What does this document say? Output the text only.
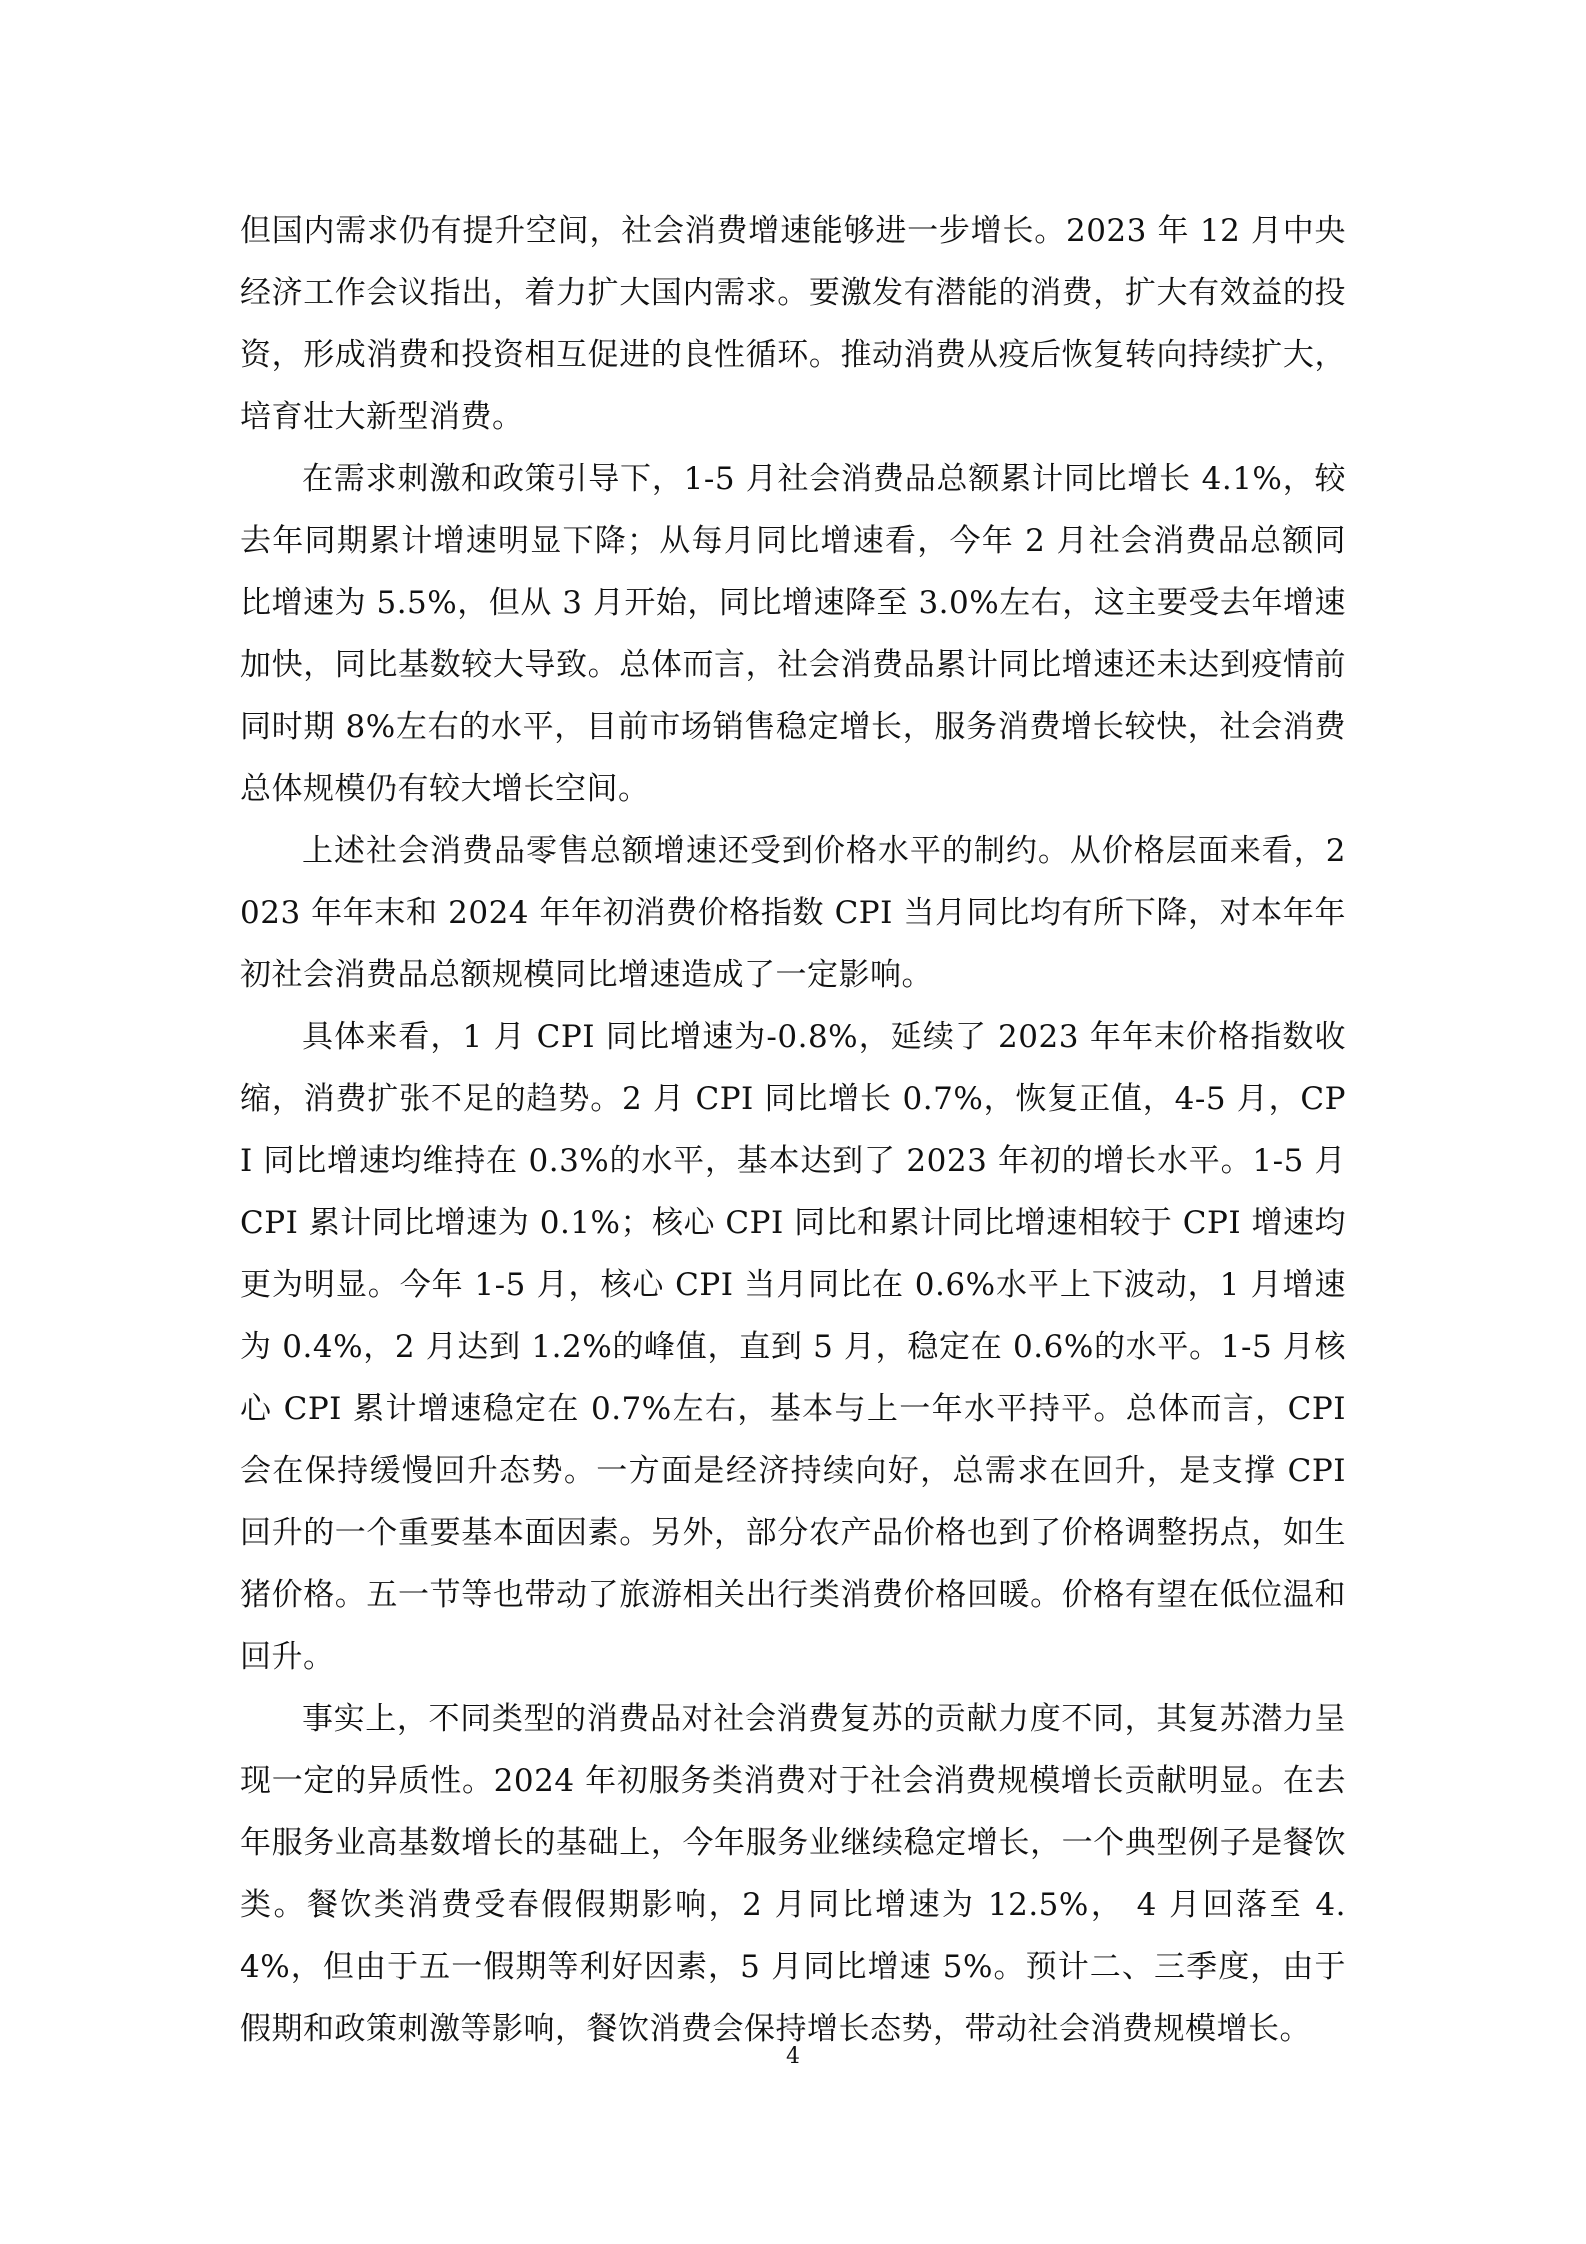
但国内需求仍有提升空间，社会消费增速能够进一步增长。2023 年 12 月中央经济工作会议指出，着力扩大国内需求。要激发有潜能的消费，扩大有效益的投资，形成消费和投资相互促进的良性循环。推动消费从疫后恢复转向持续扩大，培育壮大新型消费。

在需求刺激和政策引导下，1-5 月社会消费品总额累计同比增长 4.1%，较去年同期累计增速明显下降；从每月同比增速看，今年 2 月社会消费品总额同比增速为 5.5%，但从 3 月开始，同比增速降至 3.0%左右，这主要受去年增速加快，同比基数较大导致。总体而言，社会消费品累计同比增速还未达到疫情前同时期 8%左右的水平，目前市场销售稳定增长，服务消费增长较快，社会消费总体规模仍有较大增长空间。

上述社会消费品零售总额增速还受到价格水平的制约。从价格层面来看，2023 年年末和 2024 年年初消费价格指数 CPI 当月同比均有所下降，对本年年初社会消费品总额规模同比增速造成了一定影响。

具体来看，1 月 CPI 同比增速为-0.8%，延续了 2023 年年末价格指数收缩，消费扩张不足的趋势。2 月 CPI 同比增长 0.7%，恢复正值，4-5 月，CPI 同比增速均维持在 0.3%的水平，基本达到了 2023 年初的增长水平。1-5 月 CPI 累计同比增速为 0.1%；核心 CPI 同比和累计同比增速相较于 CPI 增速均更为明显。今年 1-5 月，核心 CPI 当月同比在 0.6%水平上下波动，1 月增速为 0.4%，2 月达到 1.2%的峰值，直到 5 月，稳定在 0.6%的水平。1-5 月核心 CPI 累计增速稳定在 0.7%左右，基本与上一年水平持平。总体而言，CPI 会在保持缓慢回升态势。一方面是经济持续向好，总需求在回升，是支撑 CPI 回升的一个重要基本面因素。另外，部分农产品价格也到了价格调整拐点，如生猪价格。五一节等也带动了旅游相关出行类消费价格回暖。价格有望在低位温和回升。

事实上，不同类型的消费品对社会消费复苏的贡献力度不同，其复苏潜力呈现一定的异质性。2024 年初服务类消费对于社会消费规模增长贡献明显。在去年服务业高基数增长的基础上，今年服务业继续稳定增长，一个典型例子是餐饮类。餐饮类消费受春假假期影响，2 月同比增速为 12.5%， 4 月回落至 4.4%，但由于五一假期等利好因素，5 月同比增速 5%。预计二、三季度，由于假期和政策刺激等影响，餐饮消费会保持增长态势，带动社会消费规模增长。

4
